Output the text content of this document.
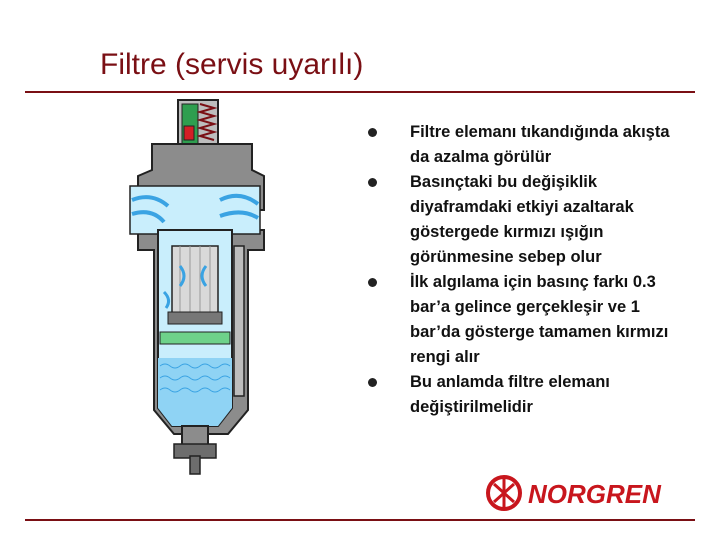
Filtre (servis uyarılı)
Filtre elemanı tıkandığında akışta da azalma görülür
Basınçtaki bu değişiklik diyaframdaki etkiyi azaltarak göstergede kırmızı ışığın görünmesine sebep olur
İlk algılama için basınç farkı 0.3 bar’a gelince gerçekleşir ve 1 bar’da gösterge tamamen kırmızı rengi alır
Bu anlamda filtre elemanı değiştirilmelidir
NORGREN
